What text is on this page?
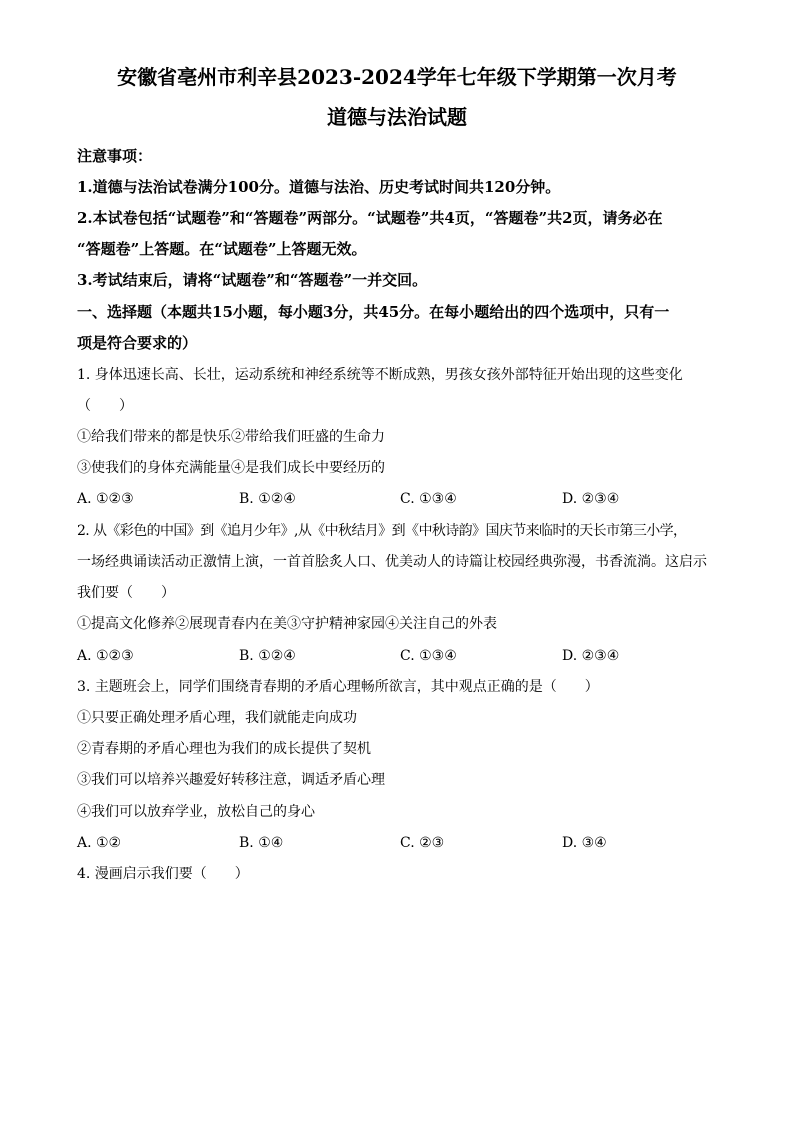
安徽省亳州市利辛县2023-2024学年七年级下学期第一次月考
道德与法治试题
注意事项：
1.道德与法治试卷满分100分。道德与法治、历史考试时间共120分钟。
2.本试卷包括“试题卷”和“答题卷”两部分。“试题卷”共4页，“答题卷”共2页，请务必在
“答题卷”上答题。在“试题卷”上答题无效。
3.考试结束后，请将“试题卷”和“答题卷”一并交回。
一、选择题（本题共15小题，每小题3分，共45分。在每小题给出的四个选项中，只有一
项是符合要求的）
1. 身体迅速长高、长壮，运动系统和神经系统等不断成熟，男孩女孩外部特征开始出现的这些变化
（　　）
①给我们带来的都是快乐②带给我们旺盛的生命力
③使我们的身体充满能量④是我们成长中要经历的
A. ①②③	B. ①②④	C. ①③④	D. ②③④
2. 从《彩色的中国》到《追月少年》,从《中秋结月》到《中秋诗韵》国庆节来临时的天长市第三小学，
一场经典诵读活动正激情上演，一首首脍炙人口、优美动人的诗篇让校园经典弥漫，书香流淌。这启示
我们要（　　）
①提高文化修养②展现青春内在美③守护精神家园④关注自己的外表
A. ①②③	B. ①②④	C. ①③④	D. ②③④
3. 主题班会上，同学们围绕青春期的矛盾心理畅所欲言，其中观点正确的是（　　）
①只要正确处理矛盾心理，我们就能走向成功
②青春期的矛盾心理也为我们的成长提供了契机
③我们可以培养兴趣爱好转移注意，调适矛盾心理
④我们可以放弃学业，放松自己的身心
A. ①②	B. ①④	C. ②③	D. ③④
4. 漫画启示我们要（　　）
